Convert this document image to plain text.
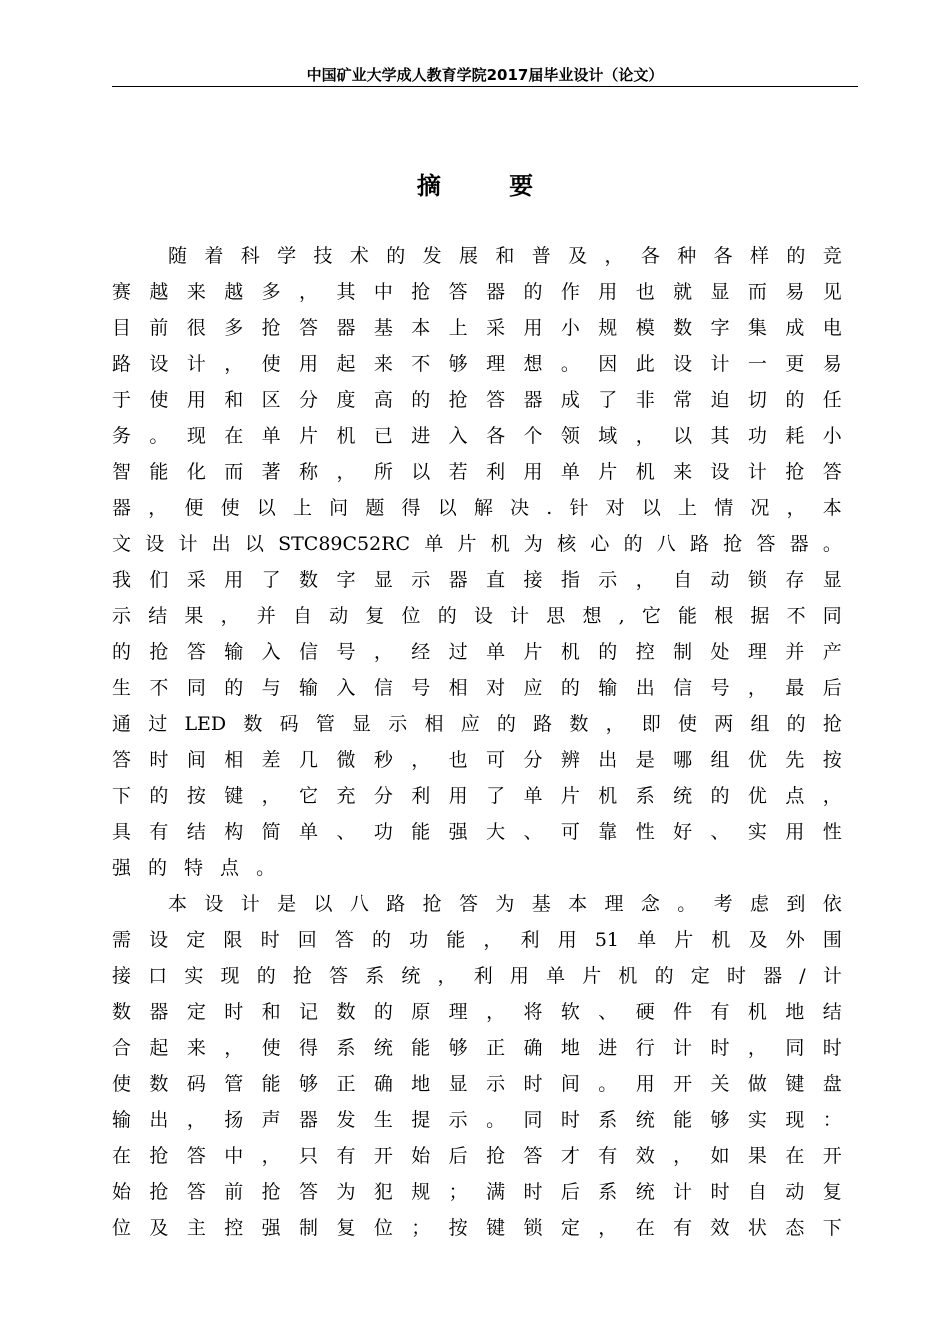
中国矿业大学成人教育学院2017届毕业设计（论文）
摘 要
随 着 科 学 技 术 的 发 展 和 普 及 ， 各 种 各 样 的 竞
赛 越 来 越 多 ， 其 中 抢 答 器 的 作 用 也 就 显 而 易 见
目 前 很 多 抢 答 器 基 本 上 采 用 小 规 模 数 字 集 成 电
路 设 计 ， 使 用 起 来 不 够 理 想 。 因 此 设 计 一 更 易
于 使 用 和 区 分 度 高 的 抢 答 器 成 了 非 常 迫 切 的 任
务 。 现 在 单 片 机 已 进 入 各 个 领 域 ， 以 其 功 耗 小
智 能 化 而 著 称 ， 所 以 若 利 用 单 片 机 来 设 计 抢 答
器 ， 便 使 以 上 问 题 得 以 解 决 . 针 对 以 上 情 况 ， 本
文 设 计 出 以 STC89C52RC 单 片 机 为 核 心 的 八 路 抢 答 器 。
我 们 采 用 了 数 字 显 示 器 直 接 指 示 ， 自 动 锁 存 显
示 结 果 ， 并 自 动 复 位 的 设 计 思 想 , 它 能 根 据 不 同
的 抢 答 输 入 信 号 ， 经 过 单 片 机 的 控 制 处 理 并 产
生 不 同 的 与 输 入 信 号 相 对 应 的 输 出 信 号 ， 最 后
通 过 LED 数 码 管 显 示 相 应 的 路 数 ， 即 使 两 组 的 抢
答 时 间 相 差 几 微 秒 ， 也 可 分 辨 出 是 哪 组 优 先 按
下 的 按 键 ， 它 充 分 利 用 了 单 片 机 系 统 的 优 点 ，
具 有 结 构 简 单 、 功 能 强 大 、 可 靠 性 好 、 实 用 性
强 的 特 点 。
本 设 计 是 以 八 路 抢 答 为 基 本 理 念 。 考 虑 到 依
需 设 定 限 时 回 答 的 功 能 ， 利 用 51 单 片 机 及 外 围
接 口 实 现 的 抢 答 系 统 ， 利 用 单 片 机 的 定 时 器 / 计
数 器 定 时 和 记 数 的 原 理 ， 将 软 、 硬 件 有 机 地 结
合 起 来 ， 使 得 系 统 能 够 正 确 地 进 行 计 时 ， 同 时
使 数 码 管 能 够 正 确 地 显 示 时 间 。 用 开 关 做 键 盘
输 出 ， 扬 声 器 发 生 提 示 。 同 时 系 统 能 够 实 现 ：
在 抢 答 中 ， 只 有 开 始 后 抢 答 才 有 效 ， 如 果 在 开
始 抢 答 前 抢 答 为 犯 规 ； 满 时 后 系 统 计 时 自 动 复
位 及 主 控 强 制 复 位 ； 按 键 锁 定 ， 在 有 效 状 态 下
